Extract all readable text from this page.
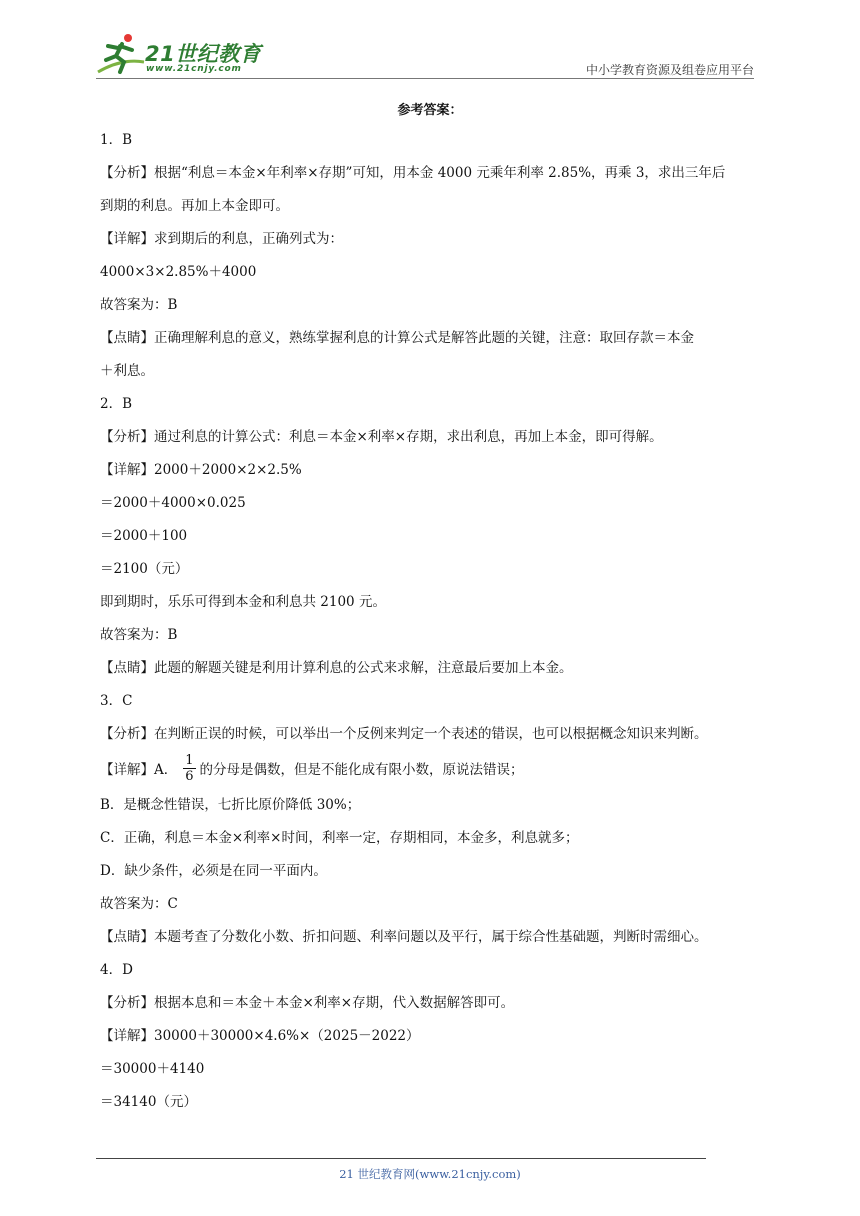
21世纪教育
www.21cnjy.com	中小学教育资源及组卷应用平台
参考答案：

1．B

【分析】根据“利息＝本金×年利率×存期”可知，用本金 4000 元乘年利率 2.85%，再乘 3，求出三年后
到期的利息。再加上本金即可。

【详解】求到期后的利息，正确列式为：

4000×3×2.85%＋4000

故答案为：B

【点睛】正确理解利息的意义，熟练掌握利息的计算公式是解答此题的关键，注意：取回存款＝本金
＋利息。

2．B

【分析】通过利息的计算公式：利息＝本金×利率×存期，求出利息，再加上本金，即可得解。

【详解】2000＋2000×2×2.5%

＝2000＋4000×0.025

＝2000＋100

＝2100（元）

即到期时，乐乐可得到本金和利息共 2100 元。

故答案为：B

【点睛】此题的解题关键是利用计算利息的公式来求解，注意最后要加上本金。

3．C

【分析】在判断正误的时候，可以举出一个反例来判定一个表述的错误，也可以根据概念知识来判断。

【详解】A． $\frac{1}{6}$ 的分母是偶数，但是不能化成有限小数，原说法错误；

B．是概念性错误，七折比原价降低 30%；

C．正确，利息＝本金×利率×时间，利率一定，存期相同，本金多，利息就多；

D．缺少条件，必须是在同一平面内。

故答案为：C

【点睛】本题考查了分数化小数、折扣问题、利率问题以及平行，属于综合性基础题，判断时需细心。

4．D

【分析】根据本息和＝本金＋本金×利率×存期，代入数据解答即可。

【详解】30000＋30000×4.6%×（2025－2022）

＝30000＋4140

＝34140（元）

21 世纪教育网(www.21cnjy.com)
